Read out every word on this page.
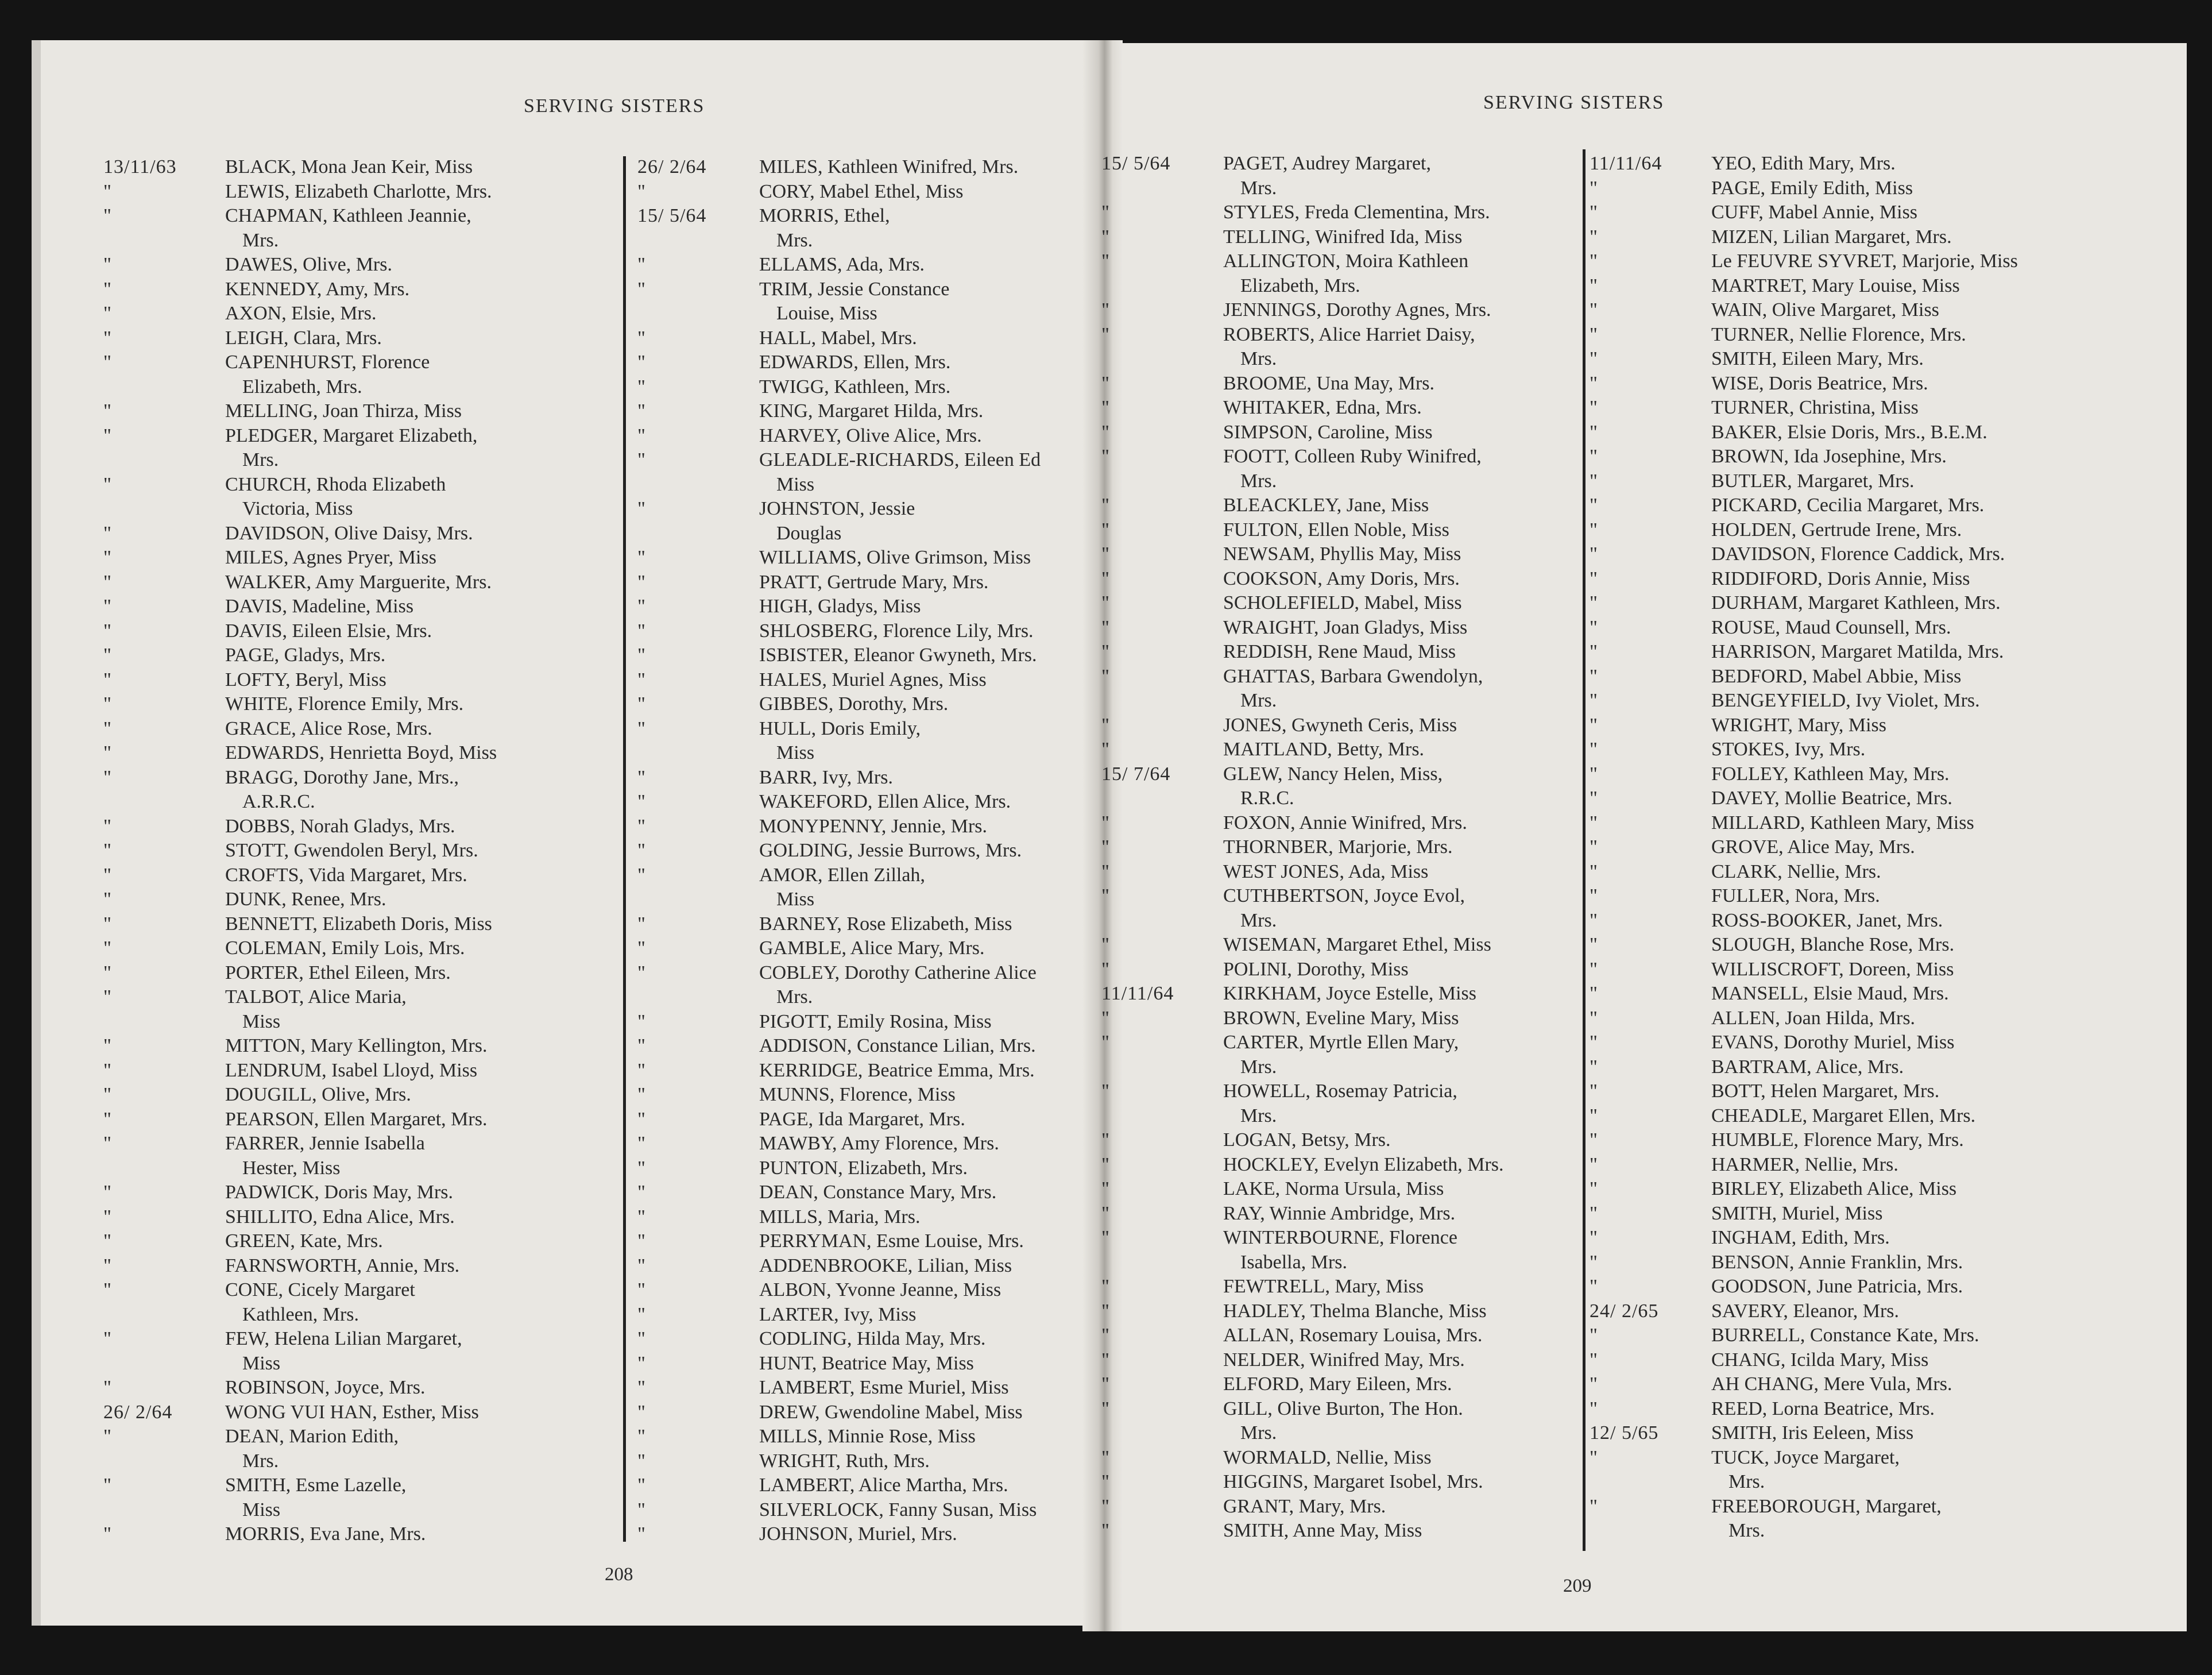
SERVING SISTERS	SERVING SISTERS
13/11/63	BLACK, Mona Jean Keir, Miss
"	LEWIS, Elizabeth Charlotte, Mrs.
"	CHAPMAN, Kathleen Jeannie,
Mrs.
"	DAWES, Olive, Mrs.
"	KENNEDY, Amy, Mrs.
"	AXON, Elsie, Mrs.
"	LEIGH, Clara, Mrs.
"	CAPENHURST, Florence
Elizabeth, Mrs.
"	MELLING, Joan Thirza, Miss
"	PLEDGER, Margaret Elizabeth,
Mrs.
"	CHURCH, Rhoda Elizabeth
Victoria, Miss
"	DAVIDSON, Olive Daisy, Mrs.
"	MILES, Agnes Pryer, Miss
"	WALKER, Amy Marguerite, Mrs.
"	DAVIS, Madeline, Miss
"	DAVIS, Eileen Elsie, Mrs.
"	PAGE, Gladys, Mrs.
"	LOFTY, Beryl, Miss
"	WHITE, Florence Emily, Mrs.
"	GRACE, Alice Rose, Mrs.
"	EDWARDS, Henrietta Boyd, Miss
"	BRAGG, Dorothy Jane, Mrs.,
A.R.R.C.
"	DOBBS, Norah Gladys, Mrs.
"	STOTT, Gwendolen Beryl, Mrs.
"	CROFTS, Vida Margaret, Mrs.
"	DUNK, Renee, Mrs.
"	BENNETT, Elizabeth Doris, Miss
"	COLEMAN, Emily Lois, Mrs.
"	PORTER, Ethel Eileen, Mrs.
"	TALBOT, Alice Maria,
Miss
"	MITTON, Mary Kellington, Mrs.
"	LENDRUM, Isabel Lloyd, Miss
"	DOUGILL, Olive, Mrs.
"	PEARSON, Ellen Margaret, Mrs.
"	FARRER, Jennie Isabella
Hester, Miss
"	PADWICK, Doris May, Mrs.
"	SHILLITO, Edna Alice, Mrs.
"	GREEN, Kate, Mrs.
"	FARNSWORTH, Annie, Mrs.
"	CONE, Cicely Margaret
Kathleen, Mrs.
"	FEW, Helena Lilian Margaret,
Miss
"	ROBINSON, Joyce, Mrs.
26/ 2/64	WONG VUI HAN, Esther, Miss
"	DEAN, Marion Edith,
Mrs.
"	SMITH, Esme Lazelle,
Miss
"	MORRIS, Eva Jane, Mrs.
26/ 2/64	MILES, Kathleen Winifred, Mrs.
"	CORY, Mabel Ethel, Miss
15/ 5/64	MORRIS, Ethel,
Mrs.
"	ELLAMS, Ada, Mrs.
"	TRIM, Jessie Constance
Louise, Miss
"	HALL, Mabel, Mrs.
"	EDWARDS, Ellen, Mrs.
"	TWIGG, Kathleen, Mrs.
"	KING, Margaret Hilda, Mrs.
"	HARVEY, Olive Alice, Mrs.
"	GLEADLE-RICHARDS, Eileen Ed
Miss
"	JOHNSTON, Jessie
Douglas
"	WILLIAMS, Olive Grimson, Miss
"	PRATT, Gertrude Mary, Mrs.
"	HIGH, Gladys, Miss
"	SHLOSBERG, Florence Lily, Mrs.
"	ISBISTER, Eleanor Gwyneth, Mrs.
"	HALES, Muriel Agnes, Miss
"	GIBBES, Dorothy, Mrs.
"	HULL, Doris Emily,
Miss
"	BARR, Ivy, Mrs.
"	WAKEFORD, Ellen Alice, Mrs.
"	MONYPENNY, Jennie, Mrs.
"	GOLDING, Jessie Burrows, Mrs.
"	AMOR, Ellen Zillah,
Miss
"	BARNEY, Rose Elizabeth, Miss
"	GAMBLE, Alice Mary, Mrs.
"	COBLEY, Dorothy Catherine Alice
Mrs.
"	PIGOTT, Emily Rosina, Miss
"	ADDISON, Constance Lilian, Mrs.
"	KERRIDGE, Beatrice Emma, Mrs.
"	MUNNS, Florence, Miss
"	PAGE, Ida Margaret, Mrs.
"	MAWBY, Amy Florence, Mrs.
"	PUNTON, Elizabeth, Mrs.
"	DEAN, Constance Mary, Mrs.
"	MILLS, Maria, Mrs.
"	PERRYMAN, Esme Louise, Mrs.
"	ADDENBROOKE, Lilian, Miss
"	ALBON, Yvonne Jeanne, Miss
"	LARTER, Ivy, Miss
"	CODLING, Hilda May, Mrs.
"	HUNT, Beatrice May, Miss
"	LAMBERT, Esme Muriel, Miss
"	DREW, Gwendoline Mabel, Miss
"	MILLS, Minnie Rose, Miss
"	WRIGHT, Ruth, Mrs.
"	LAMBERT, Alice Martha, Mrs.
"	SILVERLOCK, Fanny Susan, Miss
"	JOHNSON, Muriel, Mrs.
15/ 5/64	PAGET, Audrey Margaret,
Mrs.
"	STYLES, Freda Clementina, Mrs.
"	TELLING, Winifred Ida, Miss
"	ALLINGTON, Moira Kathleen
Elizabeth, Mrs.
"	JENNINGS, Dorothy Agnes, Mrs.
"	ROBERTS, Alice Harriet Daisy,
Mrs.
"	BROOME, Una May, Mrs.
"	WHITAKER, Edna, Mrs.
"	SIMPSON, Caroline, Miss
"	FOOTT, Colleen Ruby Winifred,
Mrs.
"	BLEACKLEY, Jane, Miss
"	FULTON, Ellen Noble, Miss
"	NEWSAM, Phyllis May, Miss
"	COOKSON, Amy Doris, Mrs.
"	SCHOLEFIELD, Mabel, Miss
"	WRAIGHT, Joan Gladys, Miss
"	REDDISH, Rene Maud, Miss
"	GHATTAS, Barbara Gwendolyn,
Mrs.
"	JONES, Gwyneth Ceris, Miss
"	MAITLAND, Betty, Mrs.
15/ 7/64	GLEW, Nancy Helen, Miss,
R.R.C.
"	FOXON, Annie Winifred, Mrs.
"	THORNBER, Marjorie, Mrs.
"	WEST JONES, Ada, Miss
"	CUTHBERTSON, Joyce Evol,
Mrs.
"	WISEMAN, Margaret Ethel, Miss
"	POLINI, Dorothy, Miss
11/11/64	KIRKHAM, Joyce Estelle, Miss
"	BROWN, Eveline Mary, Miss
"	CARTER, Myrtle Ellen Mary,
Mrs.
"	HOWELL, Rosemay Patricia,
Mrs.
"	LOGAN, Betsy, Mrs.
"	HOCKLEY, Evelyn Elizabeth, Mrs.
"	LAKE, Norma Ursula, Miss
"	RAY, Winnie Ambridge, Mrs.
"	WINTERBOURNE, Florence
Isabella, Mrs.
"	FEWTRELL, Mary, Miss
"	HADLEY, Thelma Blanche, Miss
"	ALLAN, Rosemary Louisa, Mrs.
"	NELDER, Winifred May, Mrs.
"	ELFORD, Mary Eileen, Mrs.
"	GILL, Olive Burton, The Hon.
Mrs.
"	WORMALD, Nellie, Miss
"	HIGGINS, Margaret Isobel, Mrs.
"	GRANT, Mary, Mrs.
"	SMITH, Anne May, Miss
11/11/64	YEO, Edith Mary, Mrs.
"	PAGE, Emily Edith, Miss
"	CUFF, Mabel Annie, Miss
"	MIZEN, Lilian Margaret, Mrs.
"	Le FEUVRE SYVRET, Marjorie, Miss
"	MARTRET, Mary Louise, Miss
"	WAIN, Olive Margaret, Miss
"	TURNER, Nellie Florence, Mrs.
"	SMITH, Eileen Mary, Mrs.
"	WISE, Doris Beatrice, Mrs.
"	TURNER, Christina, Miss
"	BAKER, Elsie Doris, Mrs., B.E.M.
"	BROWN, Ida Josephine, Mrs.
"	BUTLER, Margaret, Mrs.
"	PICKARD, Cecilia Margaret, Mrs.
"	HOLDEN, Gertrude Irene, Mrs.
"	DAVIDSON, Florence Caddick, Mrs.
"	RIDDIFORD, Doris Annie, Miss
"	DURHAM, Margaret Kathleen, Mrs.
"	ROUSE, Maud Counsell, Mrs.
"	HARRISON, Margaret Matilda, Mrs.
"	BEDFORD, Mabel Abbie, Miss
"	BENGEYFIELD, Ivy Violet, Mrs.
"	WRIGHT, Mary, Miss
"	STOKES, Ivy, Mrs.
"	FOLLEY, Kathleen May, Mrs.
"	DAVEY, Mollie Beatrice, Mrs.
"	MILLARD, Kathleen Mary, Miss
"	GROVE, Alice May, Mrs.
"	CLARK, Nellie, Mrs.
"	FULLER, Nora, Mrs.
"	ROSS-BOOKER, Janet, Mrs.
"	SLOUGH, Blanche Rose, Mrs.
"	WILLISCROFT, Doreen, Miss
"	MANSELL, Elsie Maud, Mrs.
"	ALLEN, Joan Hilda, Mrs.
"	EVANS, Dorothy Muriel, Miss
"	BARTRAM, Alice, Mrs.
"	BOTT, Helen Margaret, Mrs.
"	CHEADLE, Margaret Ellen, Mrs.
"	HUMBLE, Florence Mary, Mrs.
"	HARMER, Nellie, Mrs.
"	BIRLEY, Elizabeth Alice, Miss
"	SMITH, Muriel, Miss
"	INGHAM, Edith, Mrs.
"	BENSON, Annie Franklin, Mrs.
"	GOODSON, June Patricia, Mrs.
24/ 2/65	SAVERY, Eleanor, Mrs.
"	BURRELL, Constance Kate, Mrs.
"	CHANG, Icilda Mary, Miss
"	AH CHANG, Mere Vula, Mrs.
"	REED, Lorna Beatrice, Mrs.
12/ 5/65	SMITH, Iris Eeleen, Miss
"	TUCK, Joyce Margaret,
Mrs.
"	FREEBOROUGH, Margaret,
Mrs.
208
209
